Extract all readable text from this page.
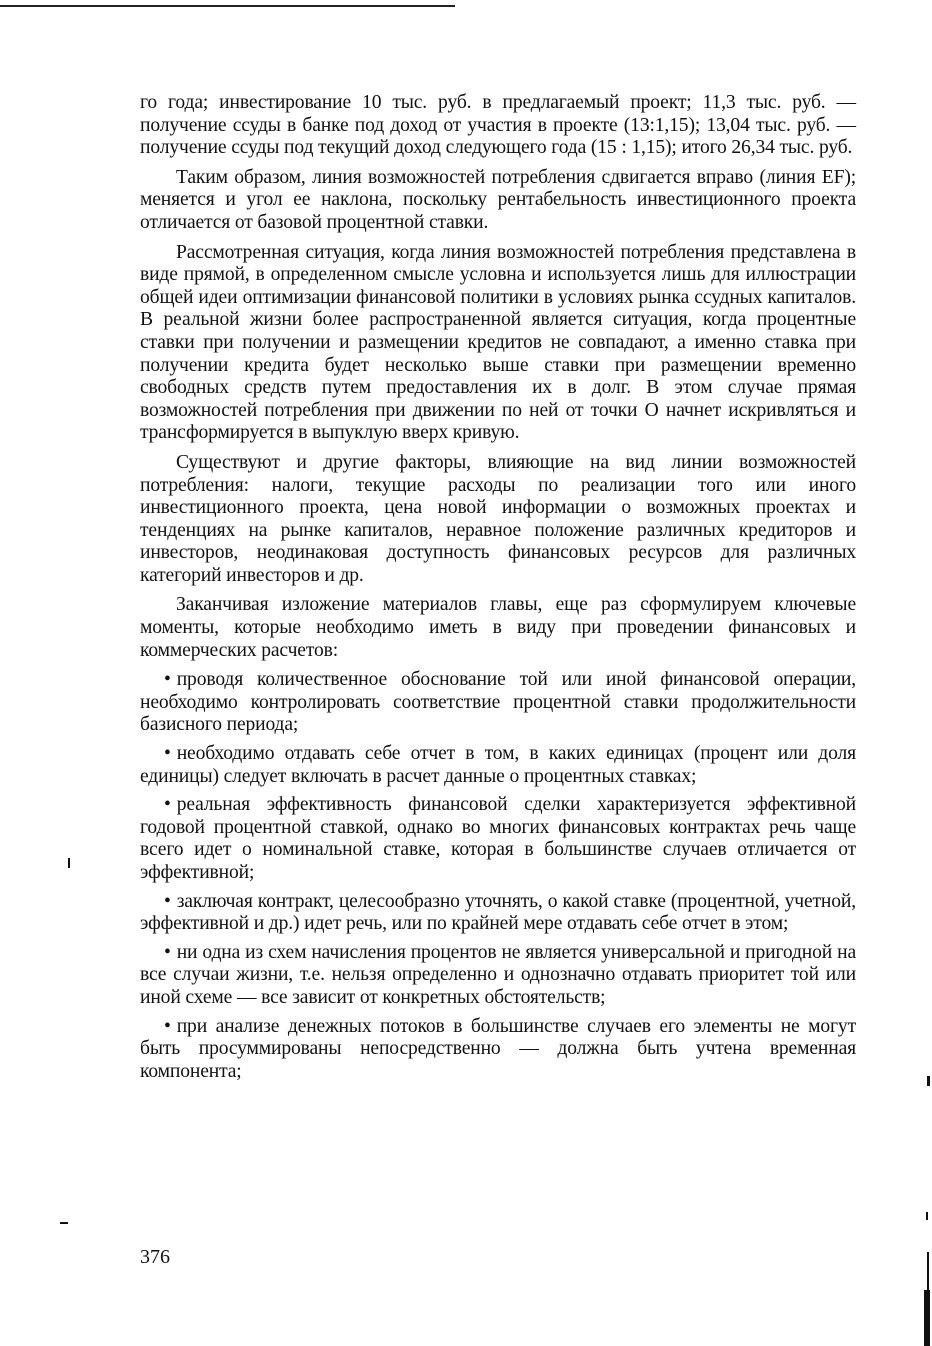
го года; инвестирование 10 тыс. руб. в предлагаемый проект; 11,3 тыс. руб. — получение ссуды в банке под доход от участия в проекте (13:1,15); 13,04 тыс. руб. — получение ссуды под текущий доход следующего года (15 : 1,15); итого 26,34 тыс. руб.

Таким образом, линия возможностей потребления сдвигается вправо (линия EF); меняется и угол ее наклона, поскольку рентабельность инвестиционного проекта отличается от базовой процентной ставки.

Рассмотренная ситуация, когда линия возможностей потребления представлена в виде прямой, в определенном смысле условна и используется лишь для иллюстрации общей идеи оптимизации финансовой политики в условиях рынка ссудных капиталов. В реальной жизни более распространенной является ситуация, когда процентные ставки при получении и размещении кредитов не совпадают, а именно ставка при получении кредита будет несколько выше ставки при размещении временно свободных средств путем предоставления их в долг. В этом случае прямая возможностей потребления при движении по ней от точки O начнет искривляться и трансформируется в выпуклую вверх кривую.

Существуют и другие факторы, влияющие на вид линии возможностей потребления: налоги, текущие расходы по реализации того или иного инвестиционного проекта, цена новой информации о возможных проектах и тенденциях на рынке капиталов, неравное положение различных кредиторов и инвесторов, неодинаковая доступность финансовых ресурсов для различных категорий инвесторов и др.

Заканчивая изложение материалов главы, еще раз сформулируем ключевые моменты, которые необходимо иметь в виду при проведении финансовых и коммерческих расчетов:

• проводя количественное обоснование той или иной финансовой операции, необходимо контролировать соответствие процентной ставки продолжительности базисного периода;

• необходимо отдавать себе отчет в том, в каких единицах (процент или доля единицы) следует включать в расчет данные о процентных ставках;

• реальная эффективность финансовой сделки характеризуется эффективной годовой процентной ставкой, однако во многих финансовых контрактах речь чаще всего идет о номинальной ставке, которая в большинстве случаев отличается от эффективной;

• заключая контракт, целесообразно уточнять, о какой ставке (процентной, учетной, эффективной и др.) идет речь, или по крайней мере отдавать себе отчет в этом;

• ни одна из схем начисления процентов не является универсальной и пригодной на все случаи жизни, т.е. нельзя определенно и однозначно отдавать приоритет той или иной схеме — все зависит от конкретных обстоятельств;

• при анализе денежных потоков в большинстве случаев его элементы не могут быть просуммированы непосредственно — должна быть учтена временная компонента;

376
